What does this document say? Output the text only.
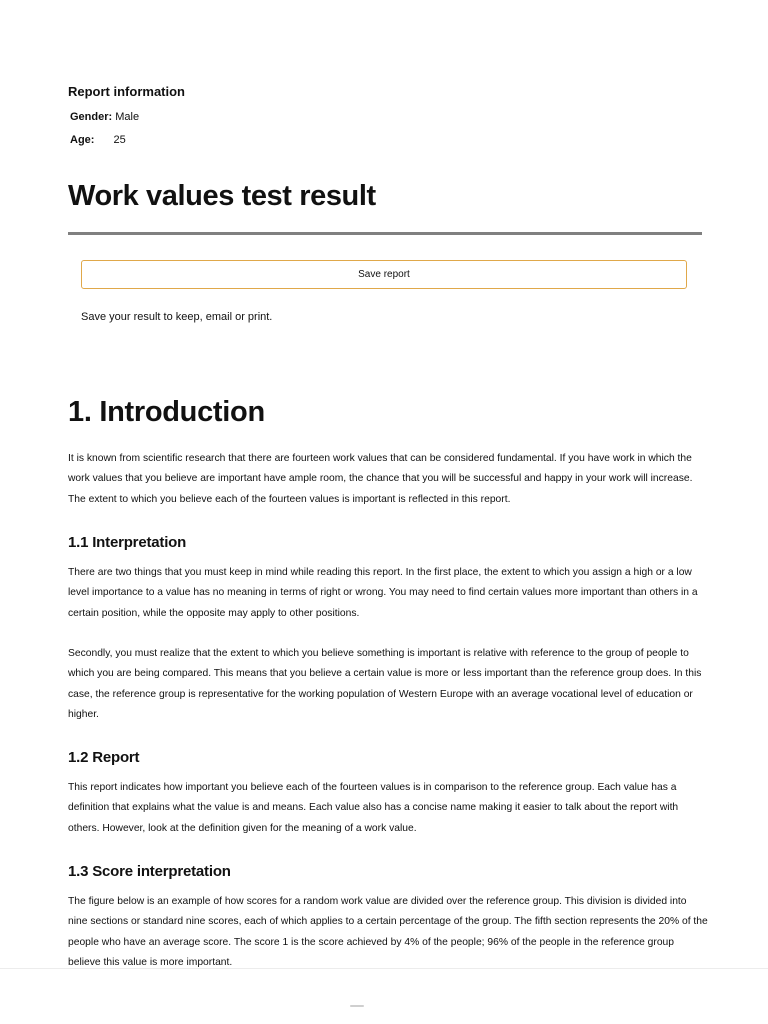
Report information
Gender: Male
Age: 25
Work values test result
Save report
Save your result to keep, email or print.
1. Introduction

It is known from scientific research that there are fourteen work values that can be considered fundamental. If you have work in which the work values that you believe are important have ample room, the chance that you will be successful and happy in your work will increase. The extent to which you believe each of the fourteen values is important is reflected in this report.

1.1 Interpretation

There are two things that you must keep in mind while reading this report. In the first place, the extent to which you assign a high or a low level importance to a value has no meaning in terms of right or wrong. You may need to find certain values more important than others in a certain position, while the opposite may apply to other positions.

Secondly, you must realize that the extent to which you believe something is important is relative with reference to the group of people to which you are being compared. This means that you believe a certain value is more or less important than the reference group does. In this case, the reference group is representative for the working population of Western Europe with an average vocational level of education or higher.

1.2 Report

This report indicates how important you believe each of the fourteen values is in comparison to the reference group. Each value has a definition that explains what the value is and means. Each value also has a concise name making it easier to talk about the report with others. However, look at the definition given for the meaning of a work value.

1.3 Score interpretation

The figure below is an example of how scores for a random work value are divided over the reference group. This division is divided into nine sections or standard nine scores, each of which applies to a certain percentage of the group. The fifth section represents the 20% of the people who have an average score. The score 1 is the score achieved by 4% of the people; 96% of the people in the reference group believe this value is more important.
